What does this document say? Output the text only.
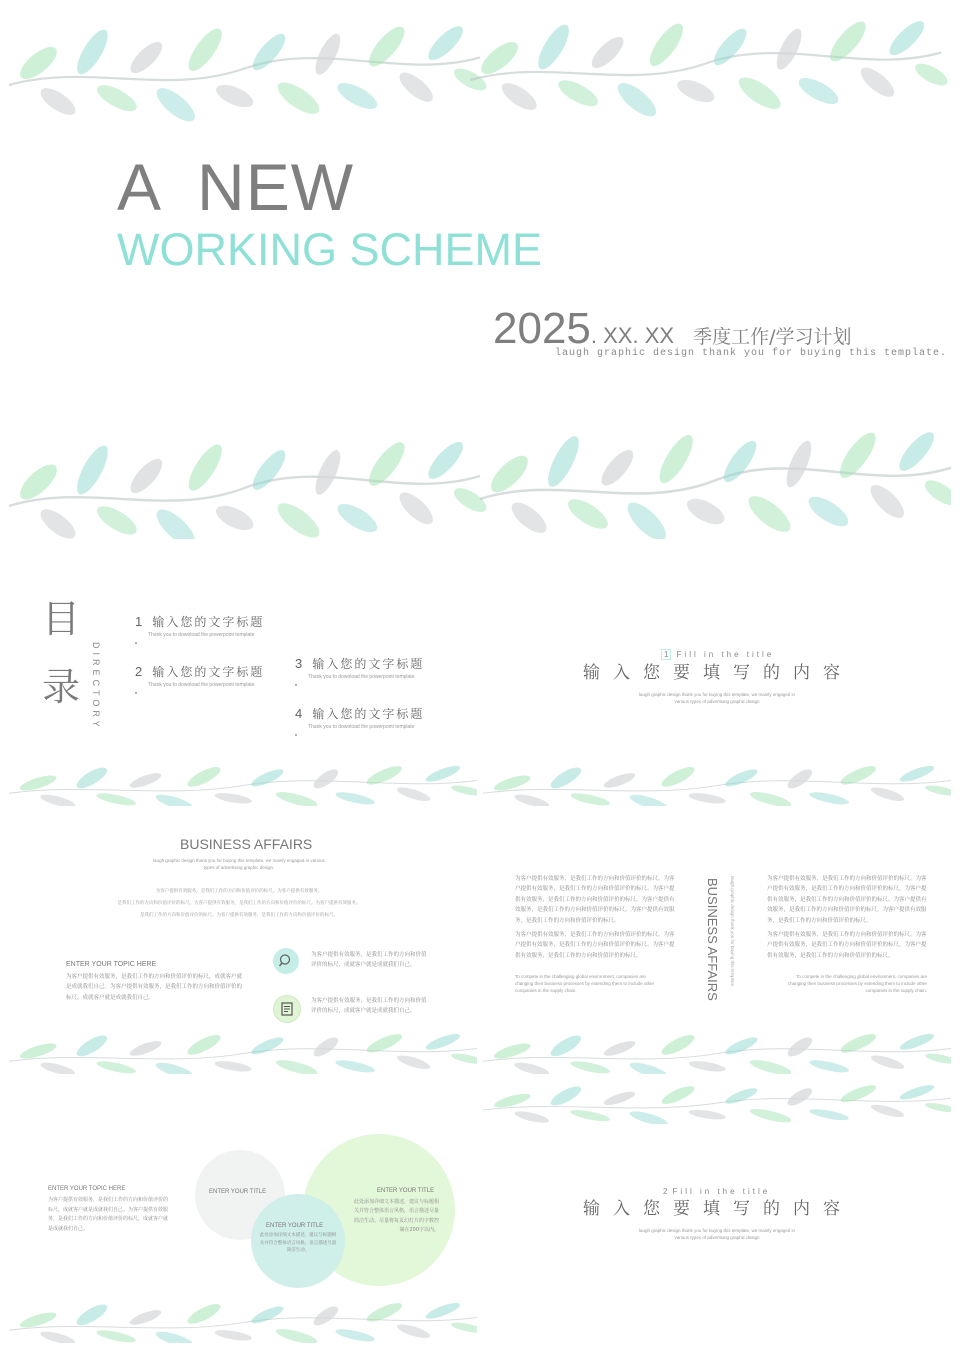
A  NEW
WORKING SCHEME
2025. XX. XX 季度工作/学习计划
laugh graphic design thank you for buying this template.
目
录 DIRECTORY
1 输入您的文字标题
Thank you to download the powerpoint template
2 输入您的文字标题
Thank you to download the powerpoint template
3 输入您的文字标题
Thank you to download the powerpoint template
4 输入您的文字标题
Thank you to download the powerpoint template
1 Fill in the title
输入您要填写的内容
laugh graphic design thank you for buying this template, we mainly engaged in
various types of advertising graphic design
BUSINESS AFFAIRS
laugh graphic design thank you for buying this template, we mainly engaged in various
types of advertising graphic design.
为客户提供有效服务，是我们工作的方向和价值评价的标尺。为客户提供有效服务。
是我们工作的方向和价值评价的标尺。为客户提供有效服务，是我们工作的方向和价值评价的标尺。为客户提供有效服务。
是我们工作的方向和价值评价的标尺。为客户提供有效服务，是我们工作的方向和价值评价的标尺。
ENTER YOUR TOPIC HERE
为客户提供有效服务，是我们工作的方向和价值评价的标尺，成就客户就是成就我们自己。为客户提供有效服务，是我们工作的方向和价值评价的标尺，成就客户就是成就我们自己。
为客户提供有效服务，是我们工作的方向和价值评价的标尺，成就客户就是成就我们自己。
为客户提供有效服务，是我们工作的方向和价值评价的标尺，成就客户就是成就我们自己。
为客户提供有效服务，是我们工作的方向和价值评价的标尺。为客户提供有效服务，是我们工作的方向和价值评价的标尺。为客户提供有效服务，是我们工作的方向和价值评价的标尺。为客户提供有效服务，是我们工作的方向和价值评价的标尺。为客户提供有效服务，是我们工作的方向和价值评价的标尺。
为客户提供有效服务，是我们工作的方向和价值评价的标尺。为客户提供有效服务，是我们工作的方向和价值评价的标尺。为客户提供有效服务，是我们工作的方向和价值评价的标尺。
To compete in the challenging global environment, companies are changing their business processes by extending them to include other companies in the supply chain.	BUSINESS AFFAIRS laugh graphic design thank you for buying this template	为客户提供有效服务，是我们工作的方向和价值评价的标尺。为客户提供有效服务，是我们工作的方向和价值评价的标尺。为客户提供有效服务，是我们工作的方向和价值评价的标尺。为客户提供有效服务，是我们工作的方向和价值评价的标尺。为客户提供有效服务，是我们工作的方向和价值评价的标尺。
为客户提供有效服务，是我们工作的方向和价值评价的标尺。为客户提供有效服务，是我们工作的方向和价值评价的标尺。为客户提供有效服务，是我们工作的方向和价值评价的标尺。
To compete in the challenging global environment, companies are changing their business processes by extending them to include other companies in the supply chain.
ENTER YOUR TOPIC HERE
为客户提供有效服务，是我们工作的方向和价值评价的标尺，成就客户就是成就我们自己。为客户提供有效服务，是我们工作的方向和价值评价的标尺，成就客户就是成就我们自己。
ENTER YOUR TITLE
ENTER YOUR TITLE
此处添加详细文本描述，建议与标题相关并符合整体语言风格，语言描述尽量简洁生动。
ENTER YOUR TITLE
此处添加详细文本描述，建议与标题相关并符合整体语言风格，语言描述尽量简洁生动。尽量将每页幻灯片的字数控制在200字以内。
2 Fill in the title
输入您要填写的内容
laugh graphic design thank you for buying this template, we mainly engaged in
various types of advertising graphic design
